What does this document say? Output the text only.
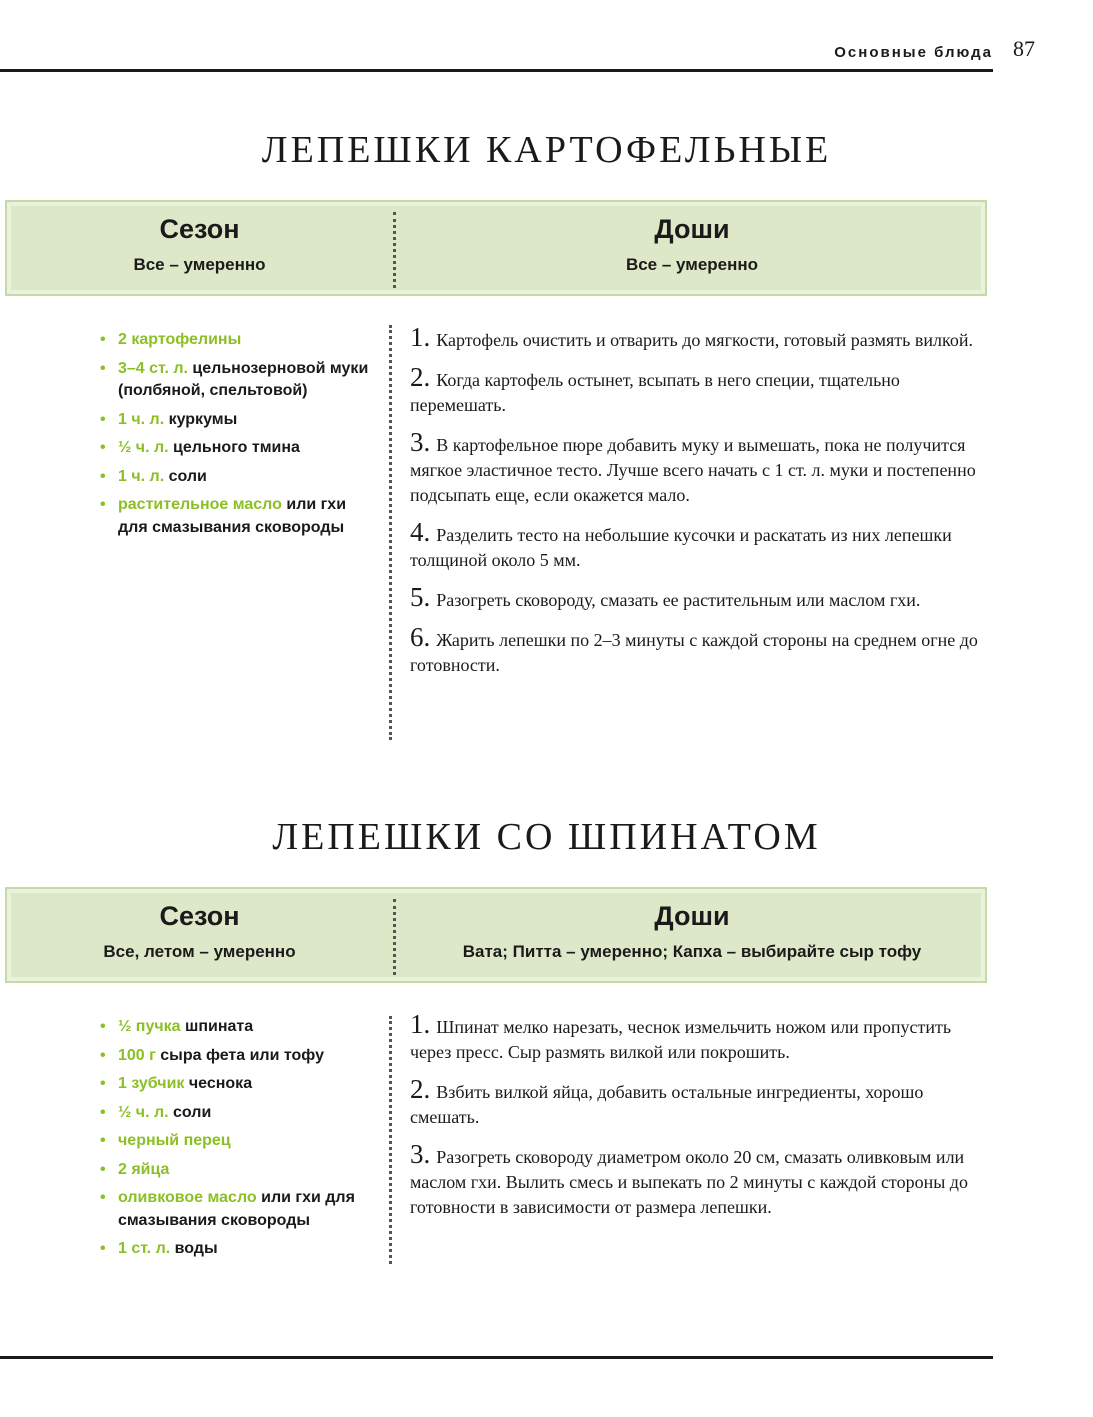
Основные блюда 87
ЛЕПЕШКИ КАРТОФЕЛЬНЫЕ
Сезон
Все – умеренно
Доши
Все – умеренно
• 2 картофелины
• 3–4 ст. л. цельнозерновой муки (полбяной, спельтовой)
• 1 ч. л. куркумы
• ½ ч. л. цельного тмина
• 1 ч. л. соли
• растительное масло или гхи для смазывания сковороды
1. Картофель очистить и отварить до мягкости, готовый размять вилкой.
2. Когда картофель остынет, всыпать в него специи, тщательно перемешать.
3. В картофельное пюре добавить муку и вымешать, пока не получится мягкое эластичное тесто. Лучше всего начать с 1 ст. л. муки и постепенно подсыпать еще, если окажется мало.
4. Разделить тесто на небольшие кусочки и раскатать из них лепешки толщиной около 5 мм.
5. Разогреть сковороду, смазать ее растительным или маслом гхи.
6. Жарить лепешки по 2–3 минуты с каждой стороны на среднем огне до готовности.
ЛЕПЕШКИ СО ШПИНАТОМ
Сезон
Все, летом – умеренно
Доши
Вата; Питта – умеренно; Капха – выбирайте сыр тофу
• ½ пучка шпината
• 100 г сыра фета или тофу
• 1 зубчик чеснока
• ½ ч. л. соли
• черный перец
• 2 яйца
• оливковое масло или гхи для смазывания сковороды
• 1 ст. л. воды
1. Шпинат мелко нарезать, чеснок измельчить ножом или пропустить через пресс. Сыр размять вилкой или покрошить.
2. Взбить вилкой яйца, добавить остальные ингредиенты, хорошо смешать.
3. Разогреть сковороду диаметром около 20 см, смазать оливковым или маслом гхи. Вылить смесь и выпекать по 2 минуты с каждой стороны до готовности в зависимости от размера лепешки.
